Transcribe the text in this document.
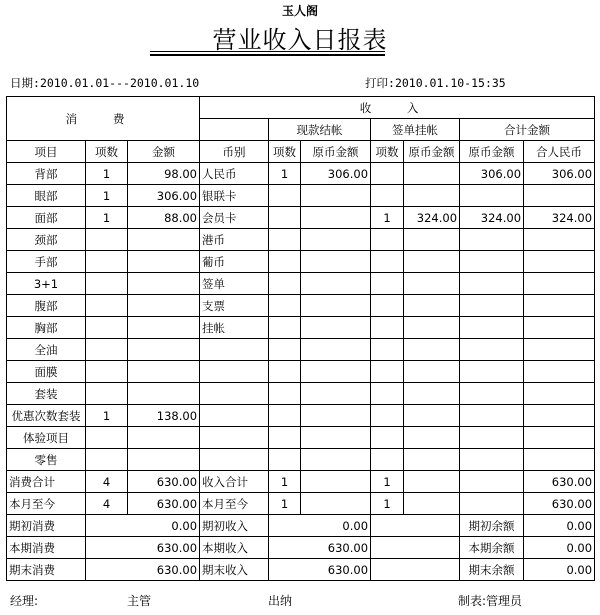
玉人阁
营业收入日报表
日期:2010.01.01---2010.01.10	打印:2010.01.10-15:35
消 费			收 入						
				现款结帐		签单挂帐		合计金额	
项目	项数	金额	币别	项数	原币金额	项数	原币金额	原币金额	合人民币
背部	1	98.00	人民币	1	306.00			306.00	306.00
眼部	1	306.00	银联卡						
面部	1	88.00	会员卡			1	324.00	324.00	324.00
颈部			港币						
手部			葡币						
3+1			签单						
腹部			支票						
胸部			挂帐						
全油									
面膜									
套装									
优惠次数套装	1	138.00							
体验项目									
零售									
消费合计	4	630.00	收入合计	1		1			630.00
本月至今	4	630.00	本月至今	1		1			630.00
期初消费	0.00		期初收入	0.00				期初余额	0.00
本期消费	630.00		本期收入	630.00				本期余额	0.00
期末消费	630.00		期末收入	630.00				期末余额	0.00
经理:	主管	出纳	制表:管理员
